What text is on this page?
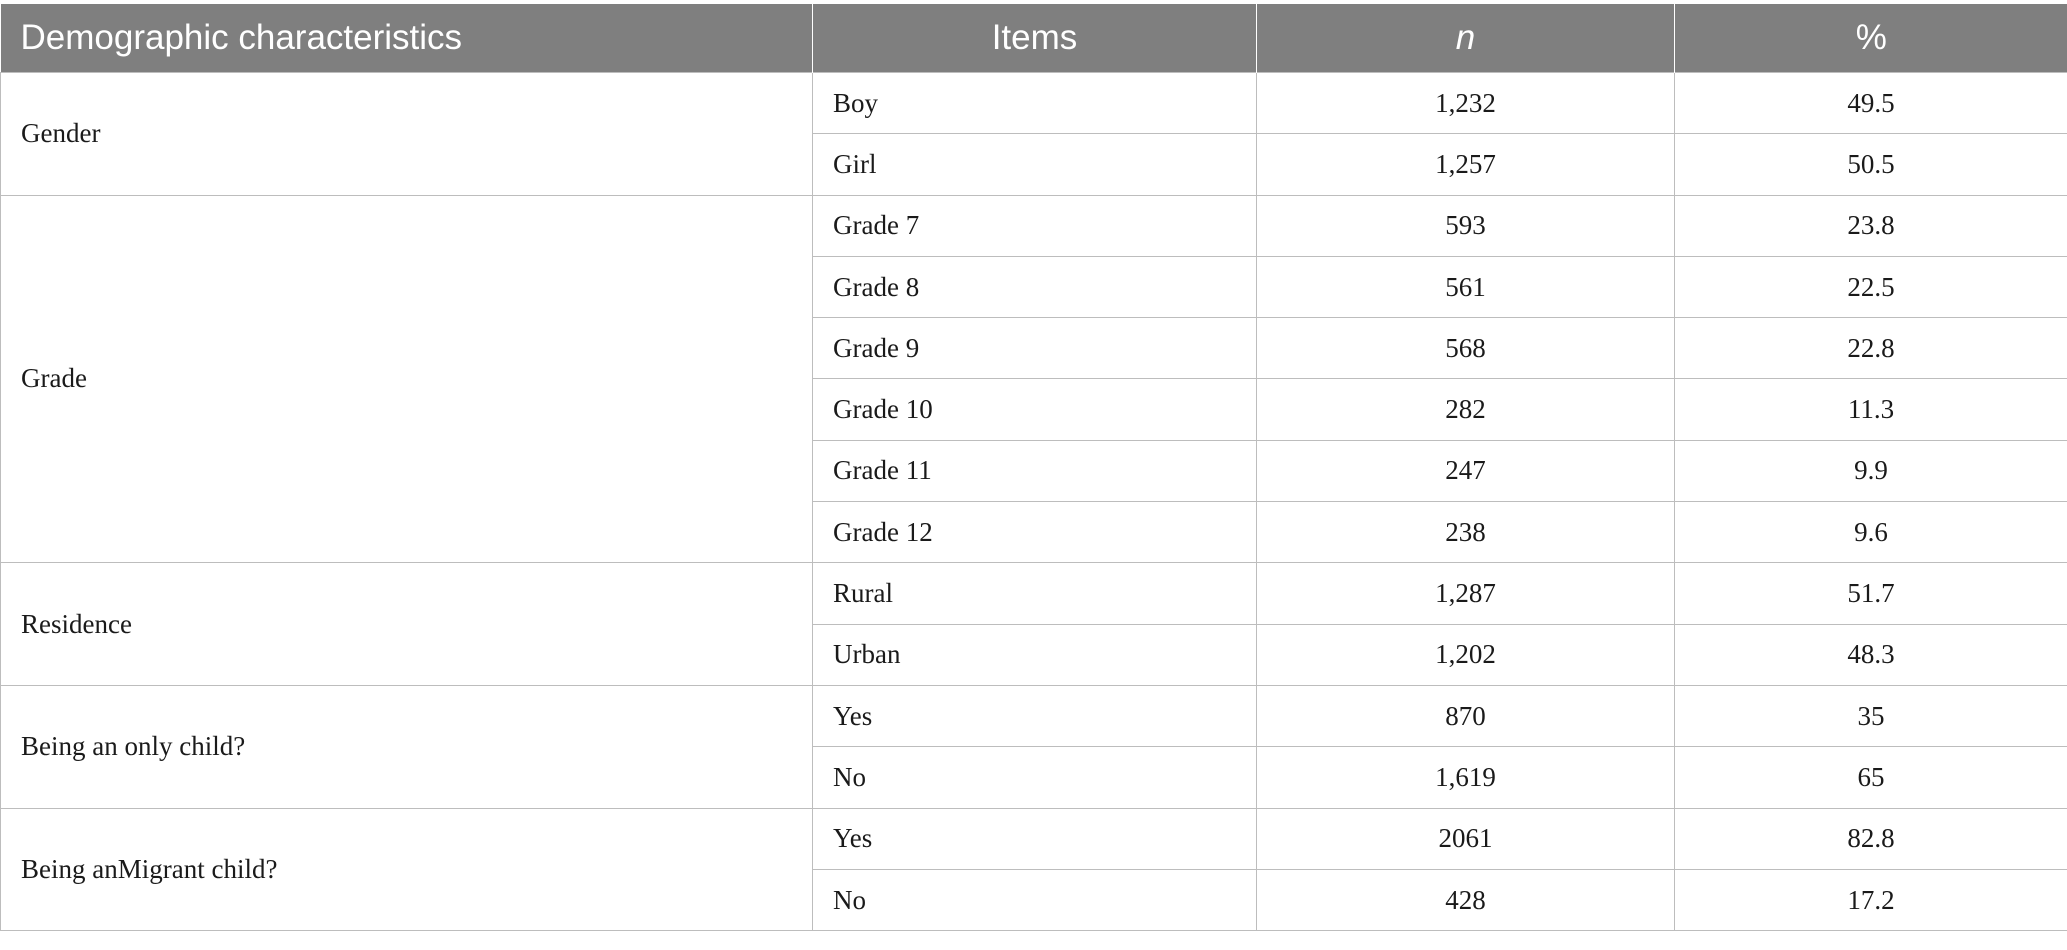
Demographic characteristics	Items	n	%
Gender	Boy	1,232	49.5
	Girl	1,257	50.5
Grade	Grade 7	593	23.8
	Grade 8	561	22.5
	Grade 9	568	22.8
	Grade 10	282	11.3
	Grade 11	247	9.9
	Grade 12	238	9.6
Residence	Rural	1,287	51.7
	Urban	1,202	48.3
Being an only child?	Yes	870	35
	No	1,619	65
Being anMigrant child?	Yes	2061	82.8
	No	428	17.2
